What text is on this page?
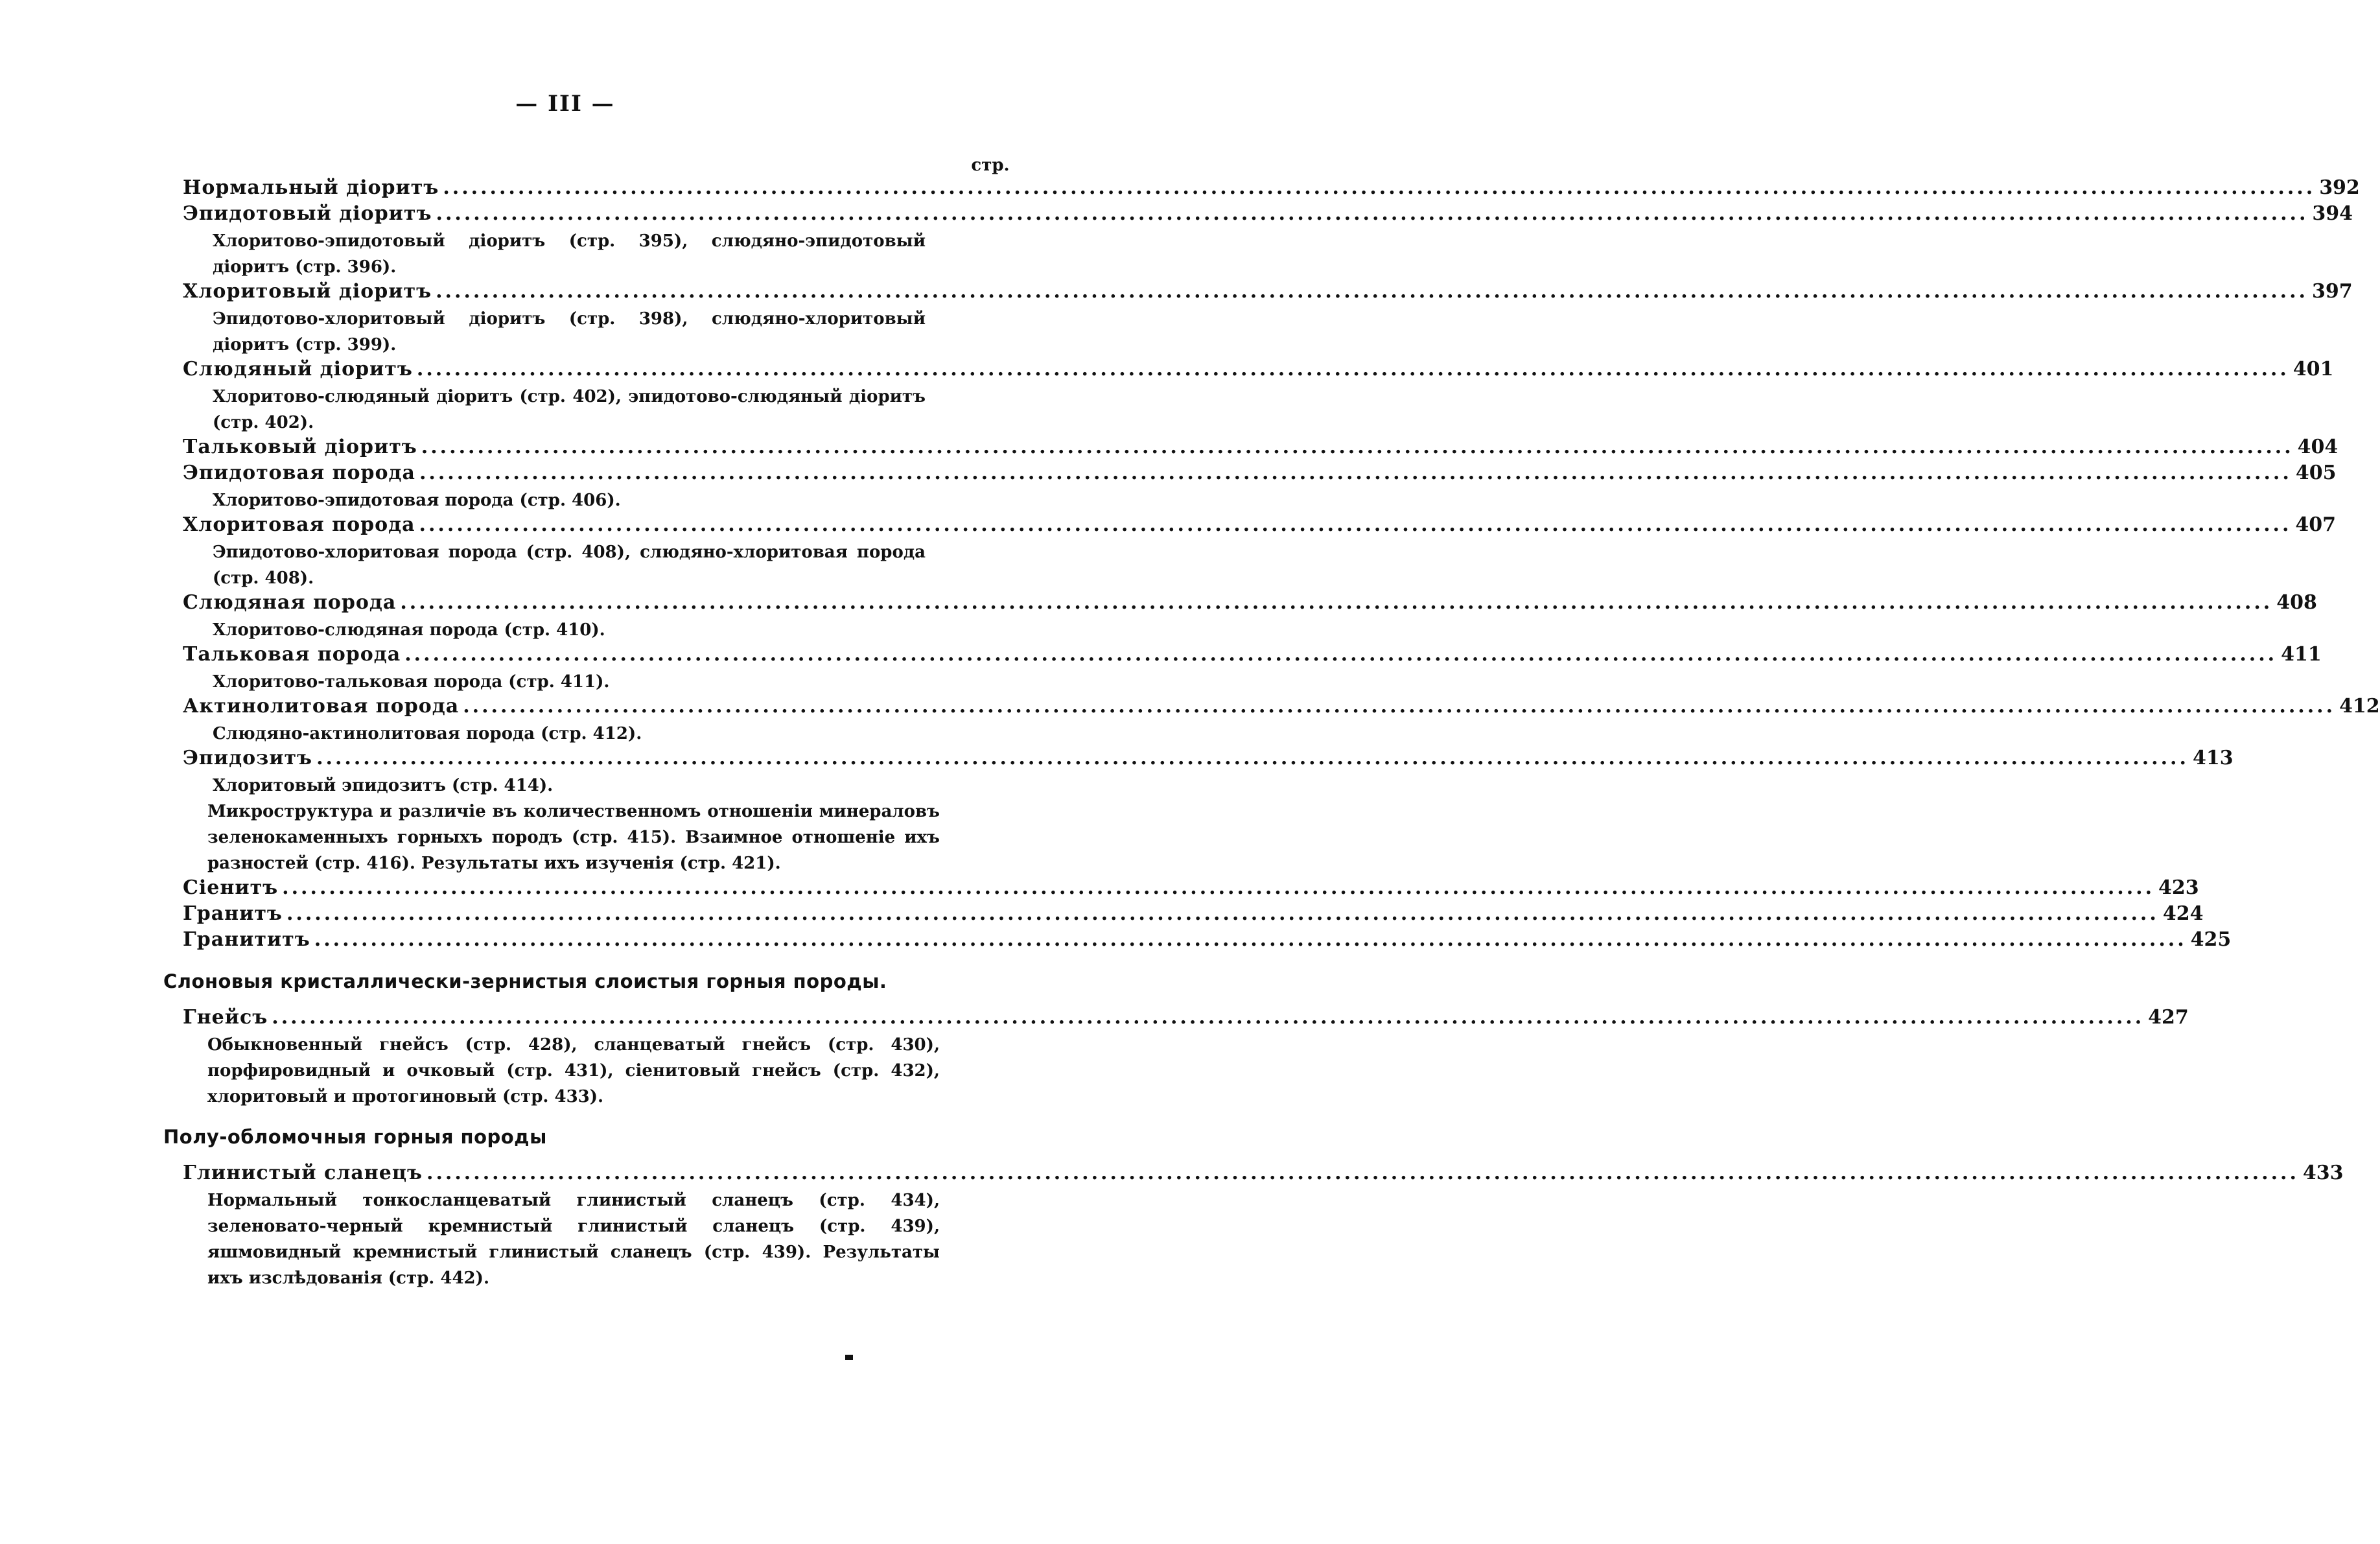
— III —
стр.
Нормальный діоритъ ........................................................................................................................................................................................................ 392
Эпидотовый діоритъ ........................................................................................................................................................................................................ 394
Хлоритово-эпидотовый діоритъ (стр. 395), слюдяно-эпидотовый діоритъ (стр. 396).
Хлоритовый діоритъ ........................................................................................................................................................................................................ 397
Эпидотово-хлоритовый діоритъ (стр. 398), слюдяно-хлоритовый діоритъ (стр. 399).
Слюдяный діоритъ ........................................................................................................................................................................................................ 401
Хлоритово-слюдяный діоритъ (стр. 402), эпидотово-слюдяный діоритъ (стр. 402).
Тальковый діоритъ ........................................................................................................................................................................................................ 404
Эпидотовая порода ........................................................................................................................................................................................................ 405
Хлоритово-эпидотовая порода (стр. 406).
Хлоритовая порода ........................................................................................................................................................................................................ 407
Эпидотово-хлоритовая порода (стр. 408), слюдяно-хлоритовая порода (стр. 408).
Слюдяная порода ........................................................................................................................................................................................................ 408
Хлоритово-слюдяная порода (стр. 410).
Тальковая порода ........................................................................................................................................................................................................ 411
Хлоритово-тальковая порода (стр. 411).
Актинолитовая порода ........................................................................................................................................................................................................ 412
Слюдяно-актинолитовая порода (стр. 412).
Эпидозитъ ........................................................................................................................................................................................................ 413
Хлоритовый эпидозитъ (стр. 414).
Микроструктура и различіе въ количественномъ отношеніи минераловъ зеленокаменныхъ горныхъ породъ (стр. 415). Взаимное отношеніе ихъ разностей (стр. 416). Результаты ихъ изученія (стр. 421).
Сіенитъ ........................................................................................................................................................................................................ 423
Гранитъ ........................................................................................................................................................................................................ 424
Гранититъ ........................................................................................................................................................................................................ 425
Слоновыя кристаллически-зернистыя слоистыя горныя породы.
Гнейсъ ........................................................................................................................................................................................................ 427
Обыкновенный гнейсъ (стр. 428), сланцеватый гнейсъ (стр. 430), порфировидный и очковый (стр. 431), сіенитовый гнейсъ (стр. 432), хлоритовый и протогиновый (стр. 433).
Полу-обломочныя горныя породы
Глинистый сланецъ ........................................................................................................................................................................................................ 433
Нормальный тонкосланцеватый глинистый сланецъ (стр. 434), зеленовато-черный кремнистый глинистый сланецъ (стр. 439), яшмовидный кремнистый глинистый сланецъ (стр. 439). Результаты ихъ изслѣдованія (стр. 442).
